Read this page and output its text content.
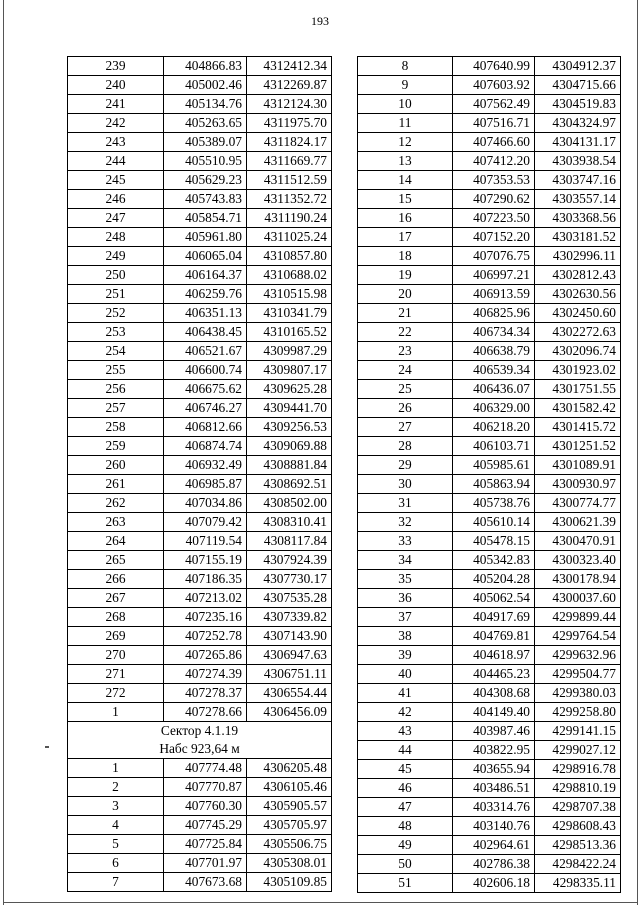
193
239	404866.83	4312412.34
240	405002.46	4312269.87
241	405134.76	4312124.30
242	405263.65	4311975.70
243	405389.07	4311824.17
244	405510.95	4311669.77
245	405629.23	4311512.59
246	405743.83	4311352.72
247	405854.71	4311190.24
248	405961.80	4311025.24
249	406065.04	4310857.80
250	406164.37	4310688.02
251	406259.76	4310515.98
252	406351.13	4310341.79
253	406438.45	4310165.52
254	406521.67	4309987.29
255	406600.74	4309807.17
256	406675.62	4309625.28
257	406746.27	4309441.70
258	406812.66	4309256.53
259	406874.74	4309069.88
260	406932.49	4308881.84
261	406985.87	4308692.51
262	407034.86	4308502.00
263	407079.42	4308310.41
264	407119.54	4308117.84
265	407155.19	4307924.39
266	407186.35	4307730.17
267	407213.02	4307535.28
268	407235.16	4307339.82
269	407252.78	4307143.90
270	407265.86	4306947.63
271	407274.39	4306751.11
272	407278.37	4306554.44
1	407278.66	4306456.09
Сектор 4.1.19		
Набс 923,64 м		
1	407774.48	4306205.48
2	407770.87	4306105.46
3	407760.30	4305905.57
4	407745.29	4305705.97
5	407725.84	4305506.75
6	407701.97	4305308.01
7	407673.68	4305109.85
8	407640.99	4304912.37
9	407603.92	4304715.66
10	407562.49	4304519.83
11	407516.71	4304324.97
12	407466.60	4304131.17
13	407412.20	4303938.54
14	407353.53	4303747.16
15	407290.62	4303557.14
16	407223.50	4303368.56
17	407152.20	4303181.52
18	407076.75	4302996.11
19	406997.21	4302812.43
20	406913.59	4302630.56
21	406825.96	4302450.60
22	406734.34	4302272.63
23	406638.79	4302096.74
24	406539.34	4301923.02
25	406436.07	4301751.55
26	406329.00	4301582.42
27	406218.20	4301415.72
28	406103.71	4301251.52
29	405985.61	4301089.91
30	405863.94	4300930.97
31	405738.76	4300774.77
32	405610.14	4300621.39
33	405478.15	4300470.91
34	405342.83	4300323.40
35	405204.28	4300178.94
36	405062.54	4300037.60
37	404917.69	4299899.44
38	404769.81	4299764.54
39	404618.97	4299632.96
40	404465.23	4299504.77
41	404308.68	4299380.03
42	404149.40	4299258.80
43	403987.46	4299141.15
44	403822.95	4299027.12
45	403655.94	4298916.78
46	403486.51	4298810.19
47	403314.76	4298707.38
48	403140.76	4298608.43
49	402964.61	4298513.36
50	402786.38	4298422.24
51	402606.18	4298335.11
